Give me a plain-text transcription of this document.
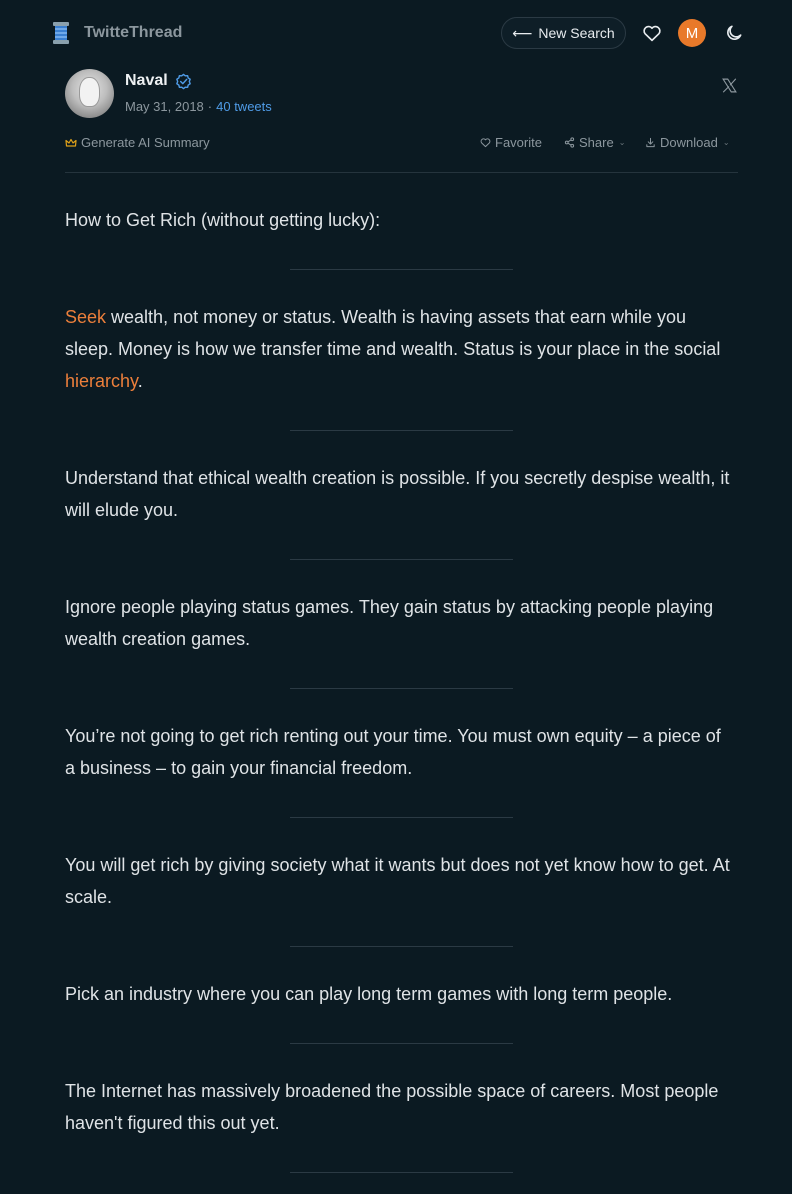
TwitteThread	⟵ New Search	M
Naval
May 31, 2018 · 40 tweets
Generate AI Summary	Favorite	Share ⌄	Download ⌄

How to Get Rich (without getting lucky):

Seek wealth, not money or status. Wealth is having assets that earn while you sleep. Money is how we transfer time and wealth. Status is your place in the social hierarchy.

Understand that ethical wealth creation is possible. If you secretly despise wealth, it will elude you.

Ignore people playing status games. They gain status by attacking people playing wealth creation games.

You’re not going to get rich renting out your time. You must own equity – a piece of a business – to gain your financial freedom.

You will get rich by giving society what it wants but does not yet know how to get. At scale.

Pick an industry where you can play long term games with long term people.

The Internet has massively broadened the possible space of careers. Most people haven't figured this out yet.
